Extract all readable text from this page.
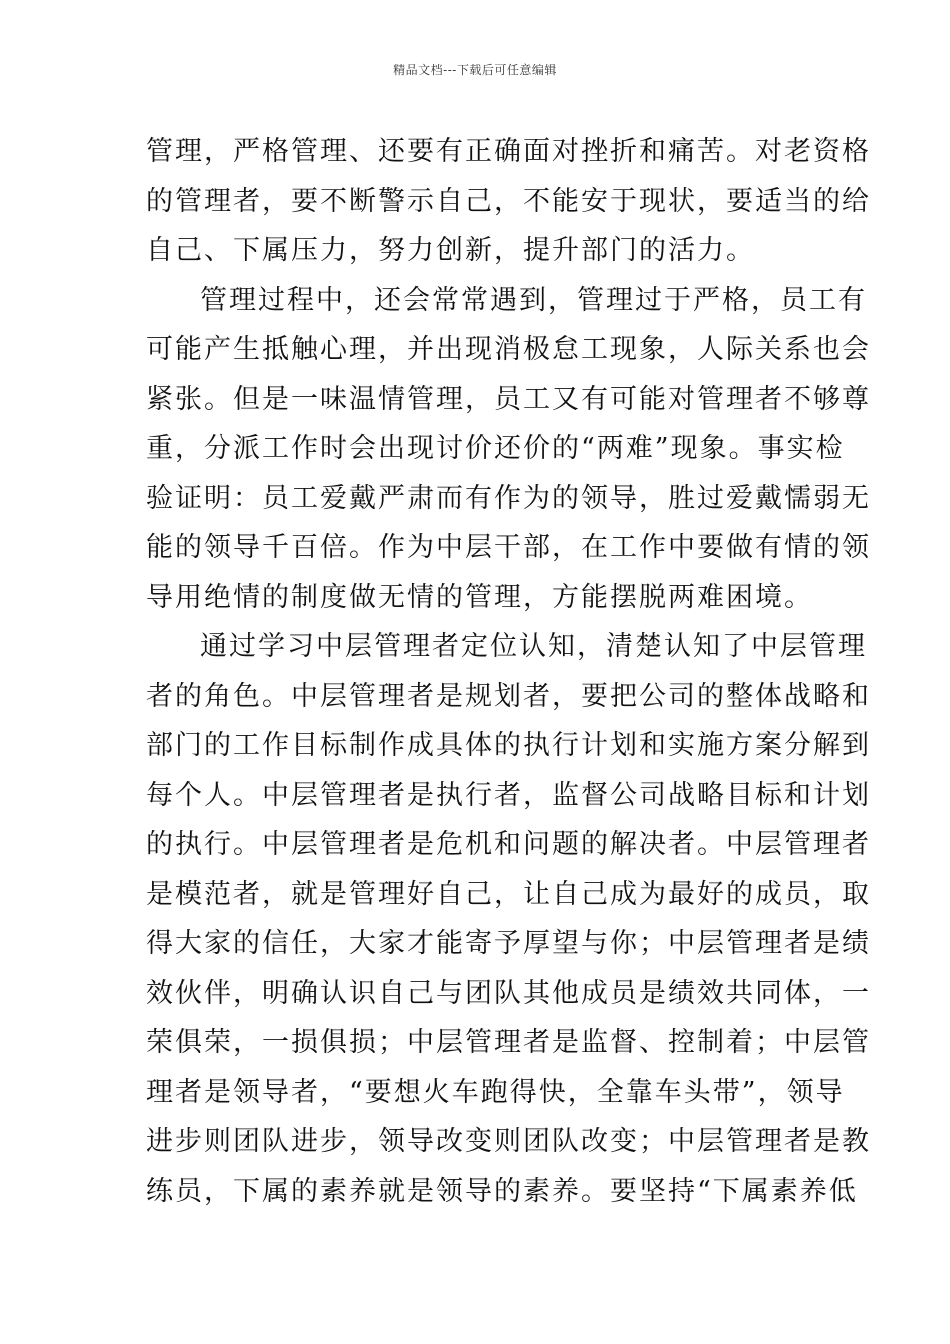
精品文档---下载后可任意编辑
管理，严格管理、还要有正确面对挫折和痛苦。对老资格
的管理者，要不断警示自己，不能安于现状，要适当的给
自己、下属压力，努力创新，提升部门的活力。
管理过程中，还会常常遇到，管理过于严格，员工有
可能产生抵触心理，并出现消极怠工现象，人际关系也会
紧张。但是一味温情管理，员工又有可能对管理者不够尊
重，分派工作时会出现讨价还价的“两难”现象。事实检
验证明：员工爱戴严肃而有作为的领导，胜过爱戴懦弱无
能的领导千百倍。作为中层干部，在工作中要做有情的领
导用绝情的制度做无情的管理，方能摆脱两难困境。
通过学习中层管理者定位认知，清楚认知了中层管理
者的角色。中层管理者是规划者，要把公司的整体战略和
部门的工作目标制作成具体的执行计划和实施方案分解到
每个人。中层管理者是执行者，监督公司战略目标和计划
的执行。中层管理者是危机和问题的解决者。中层管理者
是模范者，就是管理好自己，让自己成为最好的成员，取
得大家的信任，大家才能寄予厚望与你；中层管理者是绩
效伙伴，明确认识自己与团队其他成员是绩效共同体，一
荣俱荣，一损俱损；中层管理者是监督、控制着；中层管
理者是领导者，“要想火车跑得快，全靠车头带”，领导
进步则团队进步，领导改变则团队改变；中层管理者是教
练员，下属的素养就是领导的素养。要坚持“下属素养低
